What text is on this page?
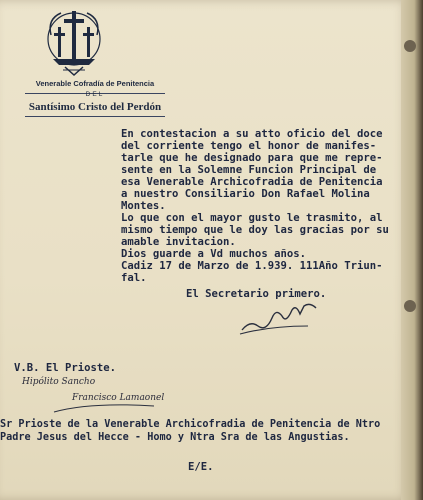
Venerable Cofradía de Penitencia
DEL
Santísimo Cristo del Perdón
En contestacion a su atto oficio del doce
del corriente tengo el honor de manifes-
tarle que he designado para que me repre-
sente en la Solemne Funcion Principal de
esa Venerable Archicofradia de Penitencia
a nuestro Consiliario Don Rafael Molina
Montes.
Lo que con el mayor gusto le trasmito, al
mismo tiempo que le doy las gracias por su
amable invitacion.
Dios guarde a Vd muchos años.
Cadiz 17 de Marzo de 1.939. 111Año Triun-
fal.
El Secretario primero.
V.B. El Prioste.
Hipólito Sancho
Francisco Lamaonel
Sr Prioste de la Venerable Archicofradia de Penitencia de Ntro
Padre Jesus del Hecce - Homo y Ntra Sra de las Angustias.
E/E.
